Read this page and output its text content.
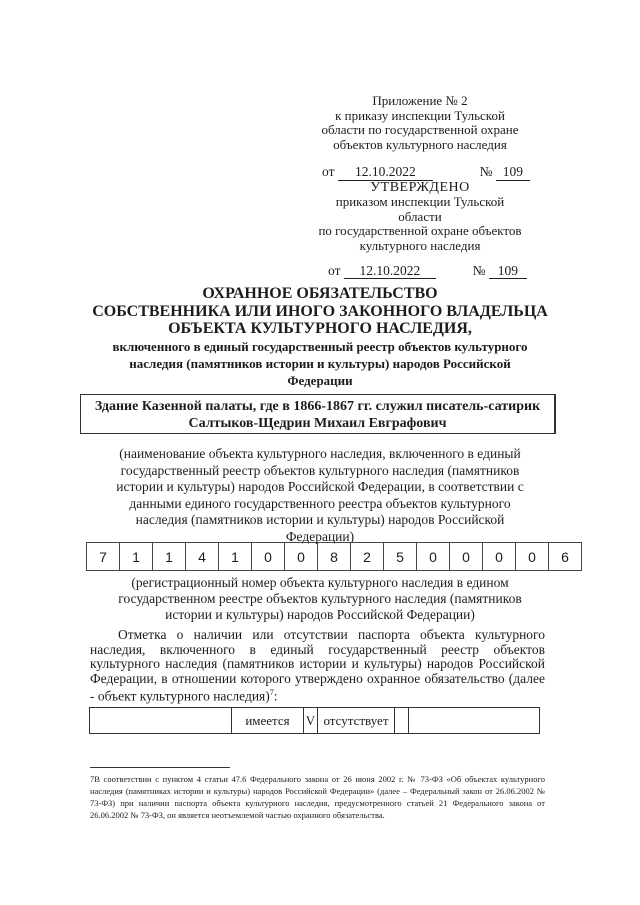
Приложение № 2
к приказу инспекции Тульской
области по государственной охране
объектов культурного наследия
от 12.10.2022	№ 109
УТВЕРЖДЕНО
приказом инспекции Тульской
области
по государственной охране объектов
культурного наследия
от 12.10.2022	№ 109
ОХРАННОЕ ОБЯЗАТЕЛЬСТВО
СОБСТВЕННИКА ИЛИ ИНОГО ЗАКОННОГО ВЛАДЕЛЬЦА
ОБЪЕКТА КУЛЬТУРНОГО НАСЛЕДИЯ,
включенного в единый государственный реестр объектов культурного
наследия (памятников истории и культуры) народов Российской
Федерации
Здание Казенной палаты, где в 1866-1867 гг. служил писатель-сатирик
Салтыков-Щедрин Михаил Евграфович
(наименование объекта культурного наследия, включенного в единый
государственный реестр объектов культурного наследия (памятников
истории и культуры) народов Российской Федерации, в соответствии с
данными единого государственного реестра объектов культурного
наследия (памятников истории и культуры) народов Российской
Федерации)
7	1	1	4	1	0	0	8	2	5	0	0	0	0	6
(регистрационный номер объекта культурного наследия в едином
государственном реестре объектов культурного наследия (памятников
истории и культуры) народов Российской Федерации)
Отметка о наличии или отсутствии паспорта объекта культурного наследия, включенного в единый государственный реестр объектов культурного наследия (памятников истории и культуры) народов Российской Федерации, в отношении которого утверждено охранное обязательство (далее - объект культурного наследия)$^7$:
	имеется	V	отсутствует		
7В соответствии с пунктом 4 статьи 47.6 Федерального закона от 26 июня 2002 г. № 73-ФЗ «Об объектах культурного наследия (памятниках истории и культуры) народов Российской Федерации» (далее – Федеральный закон от 26.06.2002 № 73-ФЗ) при наличии паспорта объекта культурного наследия, предусмотренного статьей 21 Федерального закона от 26.06.2002 № 73-ФЗ, он является неотъемлемой частью охранного обязательства.
